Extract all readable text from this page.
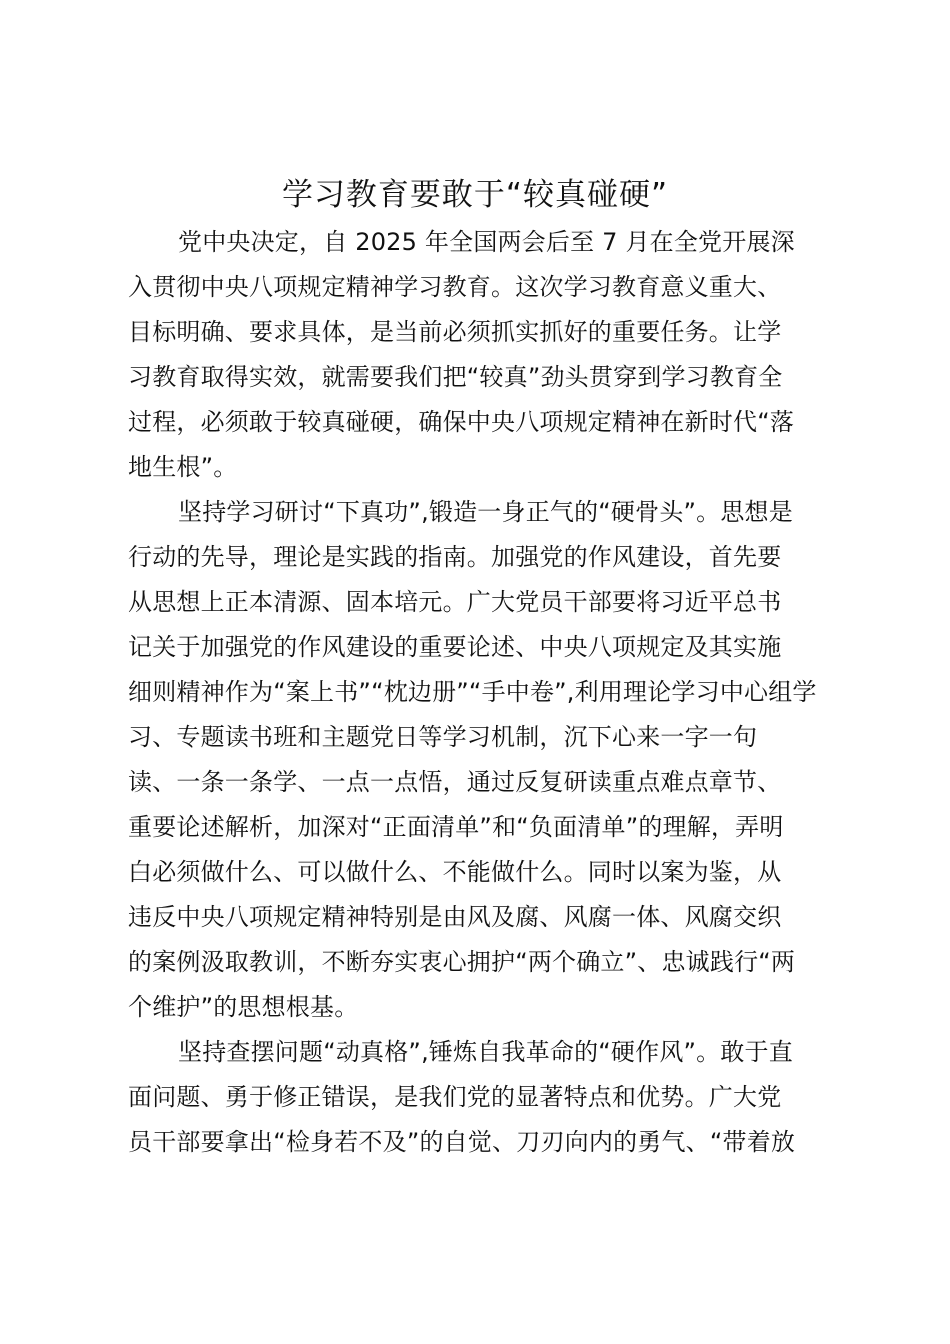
学习教育要敢于“较真碰硬”
党中央决定，自 2025 年全国两会后至 7 月在全党开展深
入贯彻中央八项规定精神学习教育。这次学习教育意义重大、
目标明确、要求具体，是当前必须抓实抓好的重要任务。让学
习教育取得实效，就需要我们把“较真”劲头贯穿到学习教育全
过程，必须敢于较真碰硬，确保中央八项规定精神在新时代“落
地生根”。
坚持学习研讨“下真功”,锻造一身正气的“硬骨头”。思想是
行动的先导，理论是实践的指南。加强党的作风建设，首先要
从思想上正本清源、固本培元。广大党员干部要将习近平总书
记关于加强党的作风建设的重要论述、中央八项规定及其实施
细则精神作为“案上书”“枕边册”“手中卷”,利用理论学习中心组学
习、专题读书班和主题党日等学习机制，沉下心来一字一句
读、一条一条学、一点一点悟，通过反复研读重点难点章节、
重要论述解析，加深对“正面清单”和“负面清单”的理解，弄明
白必须做什么、可以做什么、不能做什么。同时以案为鉴，从
违反中央八项规定精神特别是由风及腐、风腐一体、风腐交织
的案例汲取教训，不断夯实衷心拥护“两个确立”、忠诚践行“两
个维护”的思想根基。
坚持查摆问题“动真格”,锤炼自我革命的“硬作风”。敢于直
面问题、勇于修正错误，是我们党的显著特点和优势。广大党
员干部要拿出“检身若不及”的自觉、刀刃向内的勇气、“带着放
